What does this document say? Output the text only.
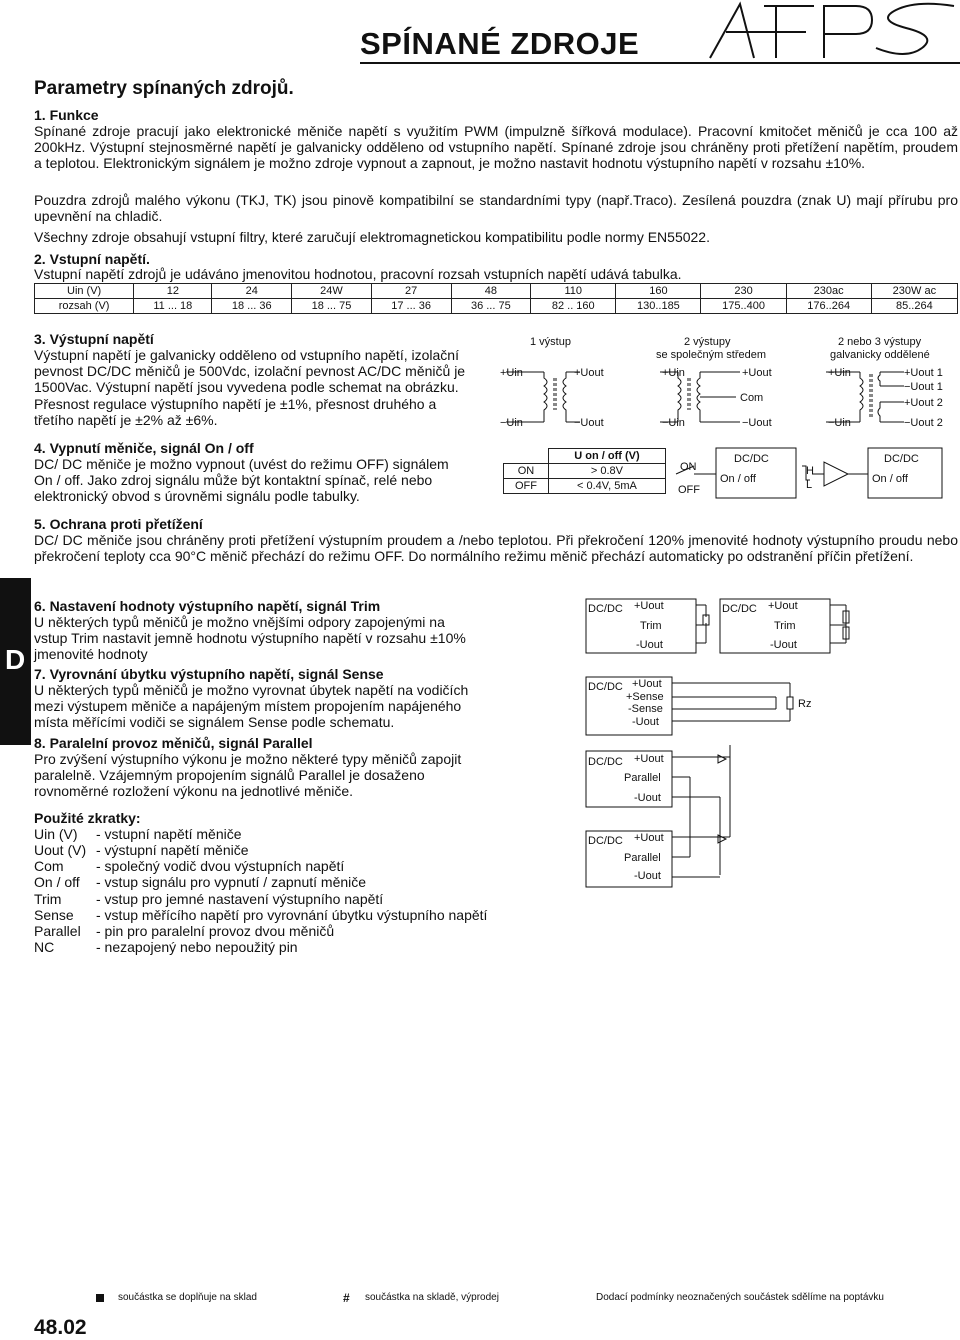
SPÍNANÉ ZDROJE
Parametry spínaných zdrojů.
1. Funkce
Spínané zdroje pracují jako elektronické měniče napětí s využitím PWM (impulzně šířková modulace). Pracovní kmitočet měničů je cca 100 až 200kHz. Výstupní stejnosměrné napětí je galvanicky odděleno od vstupního napětí. Spínané zdroje jsou chráněny proti přetížení napětím, proudem a teplotou. Elektronickým signálem je možno zdroje vypnout a zapnout, je možno nastavit hodnotu výstupního napětí v rozsahu ±10%.
Pouzdra zdrojů malého výkonu (TKJ, TK) jsou pinově kompatibilní se standardními typy (např.Traco). Zesílená pouzdra (znak U) mají přírubu pro upevnění na chladič.
Všechny zdroje obsahují vstupní filtry, které zaručují elektromagnetickou kompatibilitu podle normy EN55022.
2. Vstupní napětí.
Vstupní napětí zdrojů je udáváno jmenovitou hodnotou, pracovní rozsah vstupních napětí udává tabulka.
Uin (V)	12	24	24W	27	48	110	160	230	230ac	230W ac
rozsah (V)	11 ... 18	18 ... 36	18 ... 75	17 ... 36	36 ... 75	82 .. 160	130..185	175..400	176..264	85..264
3. Výstupní napětí
Výstupní napětí je galvanicky odděleno od vstupního napětí, izolační
pevnost DC/DC měničů je 500Vdc, izolační pevnost AC/DC měničů je
1500Vac. Výstupní napětí jsou vyvedena podle schemat na obrázku.
Přesnost regulace výstupního napětí je ±1%, přesnost druhého a
třetího napětí je ±2% až ±6%.
1 výstup
+Uin
−Uin
+Uout
−Uout
2 výstupy
se společným středem
+Uin
−Uin
+Uout
Com
−Uout
2 nebo 3 výstupy
galvanicky oddělené
+Uin
−Uin
+Uout 1
−Uout 1
+Uout 2
−Uout 2
4. Vypnutí měniče, signál On / off
DC/ DC měniče je možno vypnout (uvést do režimu OFF) signálem
On / off. Jako zdroj signálu může být kontaktní spínač, relé nebo
elektronický obvod s úrovněmi signálu podle tabulky.
	U on / off (V)
ON	> 0.8V
OFF	< 0.4V, 5mA
ON
OFF
DC/DC
On / off
H
L
DC/DC
On / off
5. Ochrana proti přetížení
DC/ DC měniče jsou chráněny proti přetížení výstupním proudem a /nebo teplotou. Při překročení 120% jmenovité hodnoty výstupního proudu nebo překročení teploty cca 90°C měnič přechází do režimu OFF. Do normálního režimu měnič přechází automaticky po odstranění příčin přetížení.
D
6. Nastavení hodnoty výstupního napětí, signál Trim
U některých typů měničů je možno vnějšími odpory zapojenými na
vstup Trim nastavit jemně hodnotu výstupního napětí v rozsahu ±10%
jmenovité hodnoty
7. Vyrovnání úbytku výstupního napětí, signál Sense
U některých typů měničů je možno vyrovnat úbytek napětí na vodičích
mezi výstupem měniče a napájeným místem propojením napájeného
místa měřícími vodiči se signálem Sense podle schematu.
8. Paralelní provoz měničů, signál Parallel
Pro zvýšení výstupního výkonu je možno některé typy měničů zapojit
paralelně. Vzájemným propojením signálů Parallel je dosaženo
rovnoměrné rozložení výkonu na jednotlivé měniče.
DC/DC +Uout
Trim
-Uout
DC/DC +Uout
Trim
-Uout
DC/DC +Uout
+Sense
-Sense
-Uout
Rz
DC/DC +Uout
Parallel
-Uout
DC/DC +Uout
Parallel
-Uout
Použité zkratky:
Uin (V) - vstupní napětí měniče
Uout (V) - výstupní napětí měniče
Com - společný vodič dvou výstupních napětí
On / off - vstup signálu pro vypnutí / zapnutí měniče
Trim - vstup pro jemné nastavení výstupního napětí
Sense - vstup měřícího napětí pro vyrovnání úbytku výstupního napětí
Parallel - pin pro paralelní provoz dvou měničů
NC	- nezapojený nebo nepoužitý pin
součástka se doplňuje na sklad	# součástka na skladě, výprodej	Dodací podmínky neoznačených součástek sdělíme na poptávku
48.02
